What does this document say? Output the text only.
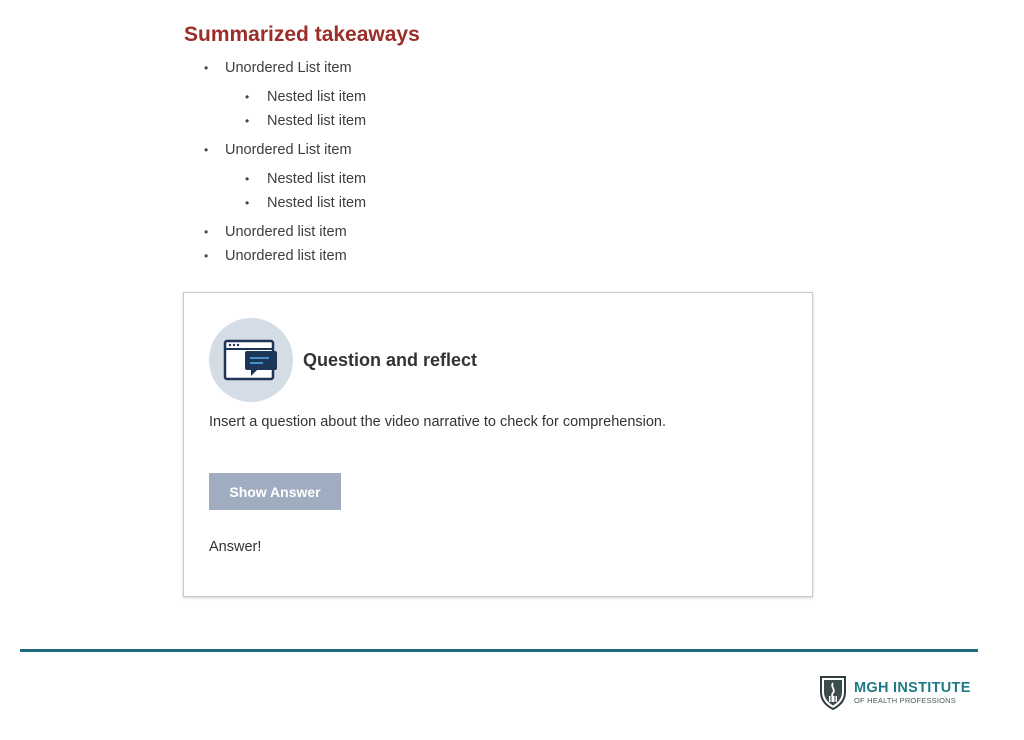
Summarized takeaways
• Unordered List item
• Nested list item
• Nested list item
• Unordered List item
• Nested list item
• Nested list item
• Unordered list item
• Unordered list item
Question and reflect

Insert a question about the video narrative to check for comprehension.

Show Answer

Answer!

MGH INSTITUTE
OF HEALTH PROFESSIONS
